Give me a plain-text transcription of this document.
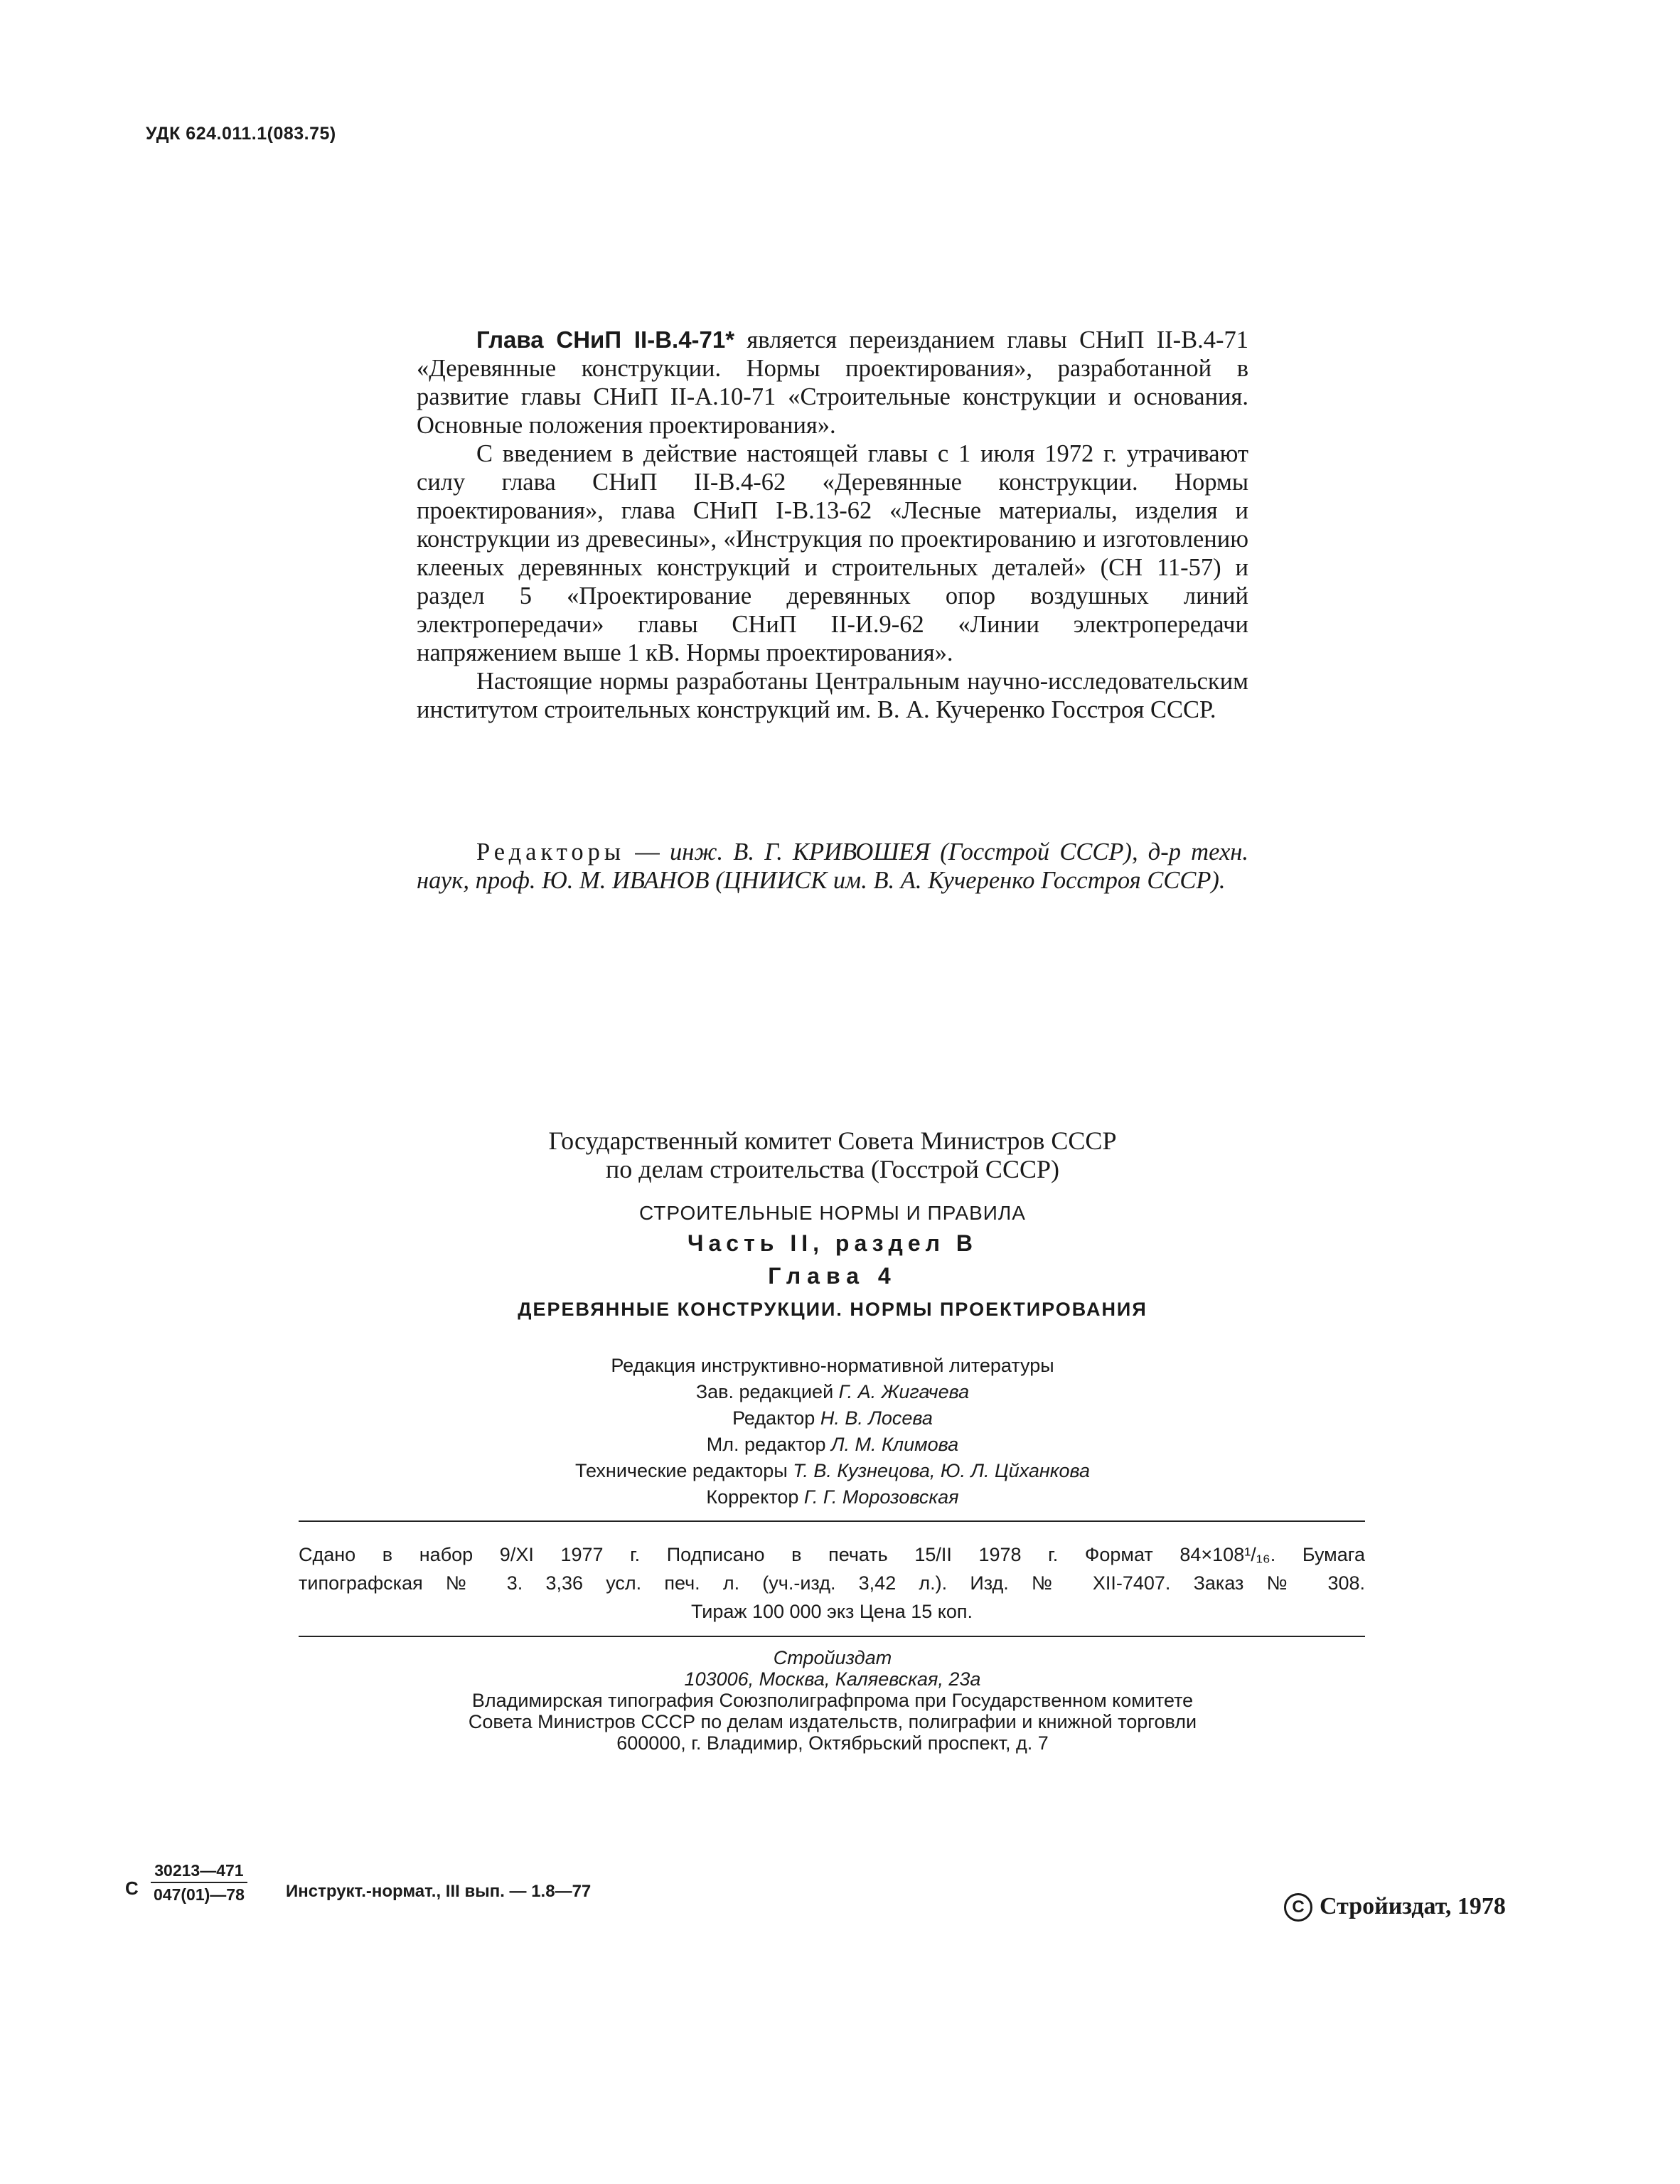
УДК 624.011.1(083.75)

Глава СНиП II-В.4-71* является переизданием главы СНиП II-В.4-71 «Деревянные конструкции. Нормы проектирования», разработанной в развитие главы СНиП II-А.10-71 «Строительные конструкции и основания. Основные положения проектирования».

С введением в действие настоящей главы с 1 июля 1972 г. утрачивают силу глава СНиП II-В.4-62 «Деревянные конструкции. Нормы проектирования», глава СНиП I-В.13-62 «Лесные материалы, изделия и конструкции из древесины», «Инструкция по проектированию и изготовлению клееных деревянных конструкций и строительных деталей» (СН 11-57) и раздел 5 «Проектирование деревянных опор воздушных линий электропередачи» главы СНиП II-И.9-62 «Линии электропередачи напряжением выше 1 кВ. Нормы проектирования».

Настоящие нормы разработаны Центральным научно-исследовательским институтом строительных конструкций им. В. А. Кучеренко Госстроя СССР.

Редакторы — инж. В. Г. КРИВОШЕЯ (Госстрой СССР), д-р техн. наук, проф. Ю. М. ИВАНОВ (ЦНИИСК им. В. А. Кучеренко Госстроя СССР).
Государственный комитет Совета Министров СССР
по делам строительства (Госстрой СССР)
СТРОИТЕЛЬНЫЕ НОРМЫ И ПРАВИЛА
Часть II, раздел В
Глава 4
ДЕРЕВЯННЫЕ КОНСТРУКЦИИ. НОРМЫ ПРОЕКТИРОВАНИЯ
Редакция инструктивно-нормативной литературы
Зав. редакцией Г. А. Жигачева
Редактор Н. В. Лосева
Мл. редактор Л. М. Климова
Технические редакторы Т. В. Кузнецова, Ю. Л. Цйханкова
Корректор Г. Г. Морозовская
Сдано в набор 9/XI 1977 г. Подписано в печать 15/II 1978 г. Формат 84×108¹/₁₆. Бумага
типографская № 3. 3,36 усл. печ. л. (уч.-изд. 3,42 л.). Изд. № XII-7407. Заказ № 308.
Тираж 100 000 экз Цена 15 коп.
Стройиздат
103006, Москва, Каляевская, 23а
Владимирская типография Союзполиграфпрома при Государственном комитете
Совета Министров СССР по делам издательств, полиграфии и книжной торговли
600000, г. Владимир, Октябрьский проспект, д. 7
С $\frac{30213—471}{047(01)—78}$ Инструкт.-нормат., III вып. — 1.8—77
С Стройиздат, 1978
